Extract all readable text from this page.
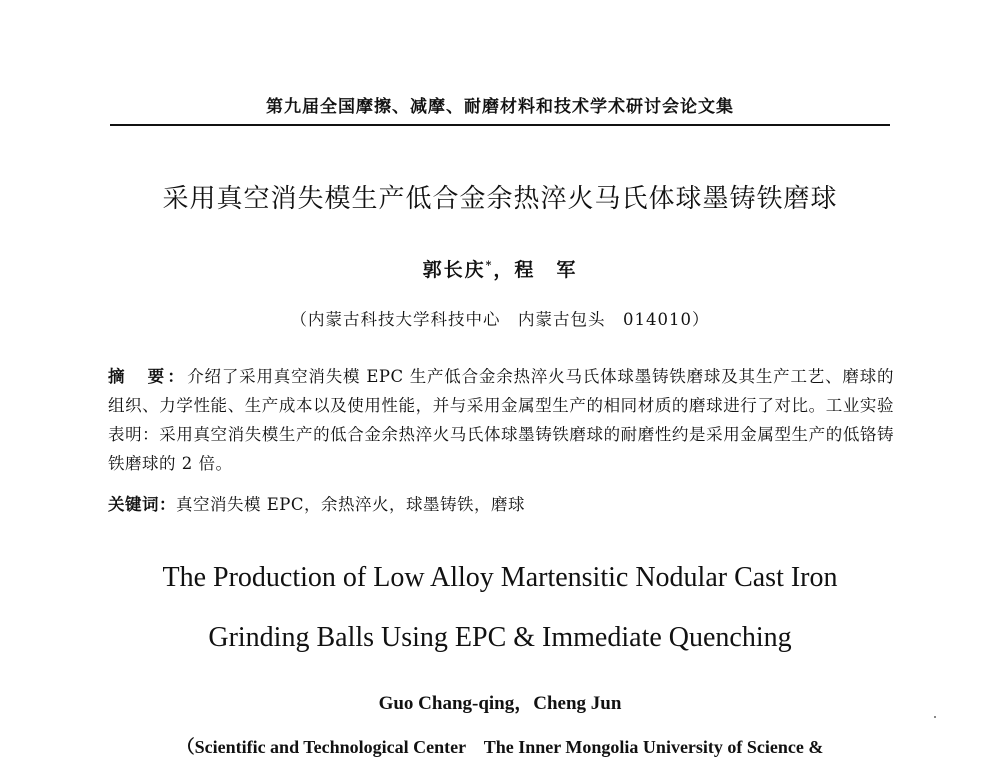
第九届全国摩擦、减摩、耐磨材料和技术学术研讨会论文集
采用真空消失模生产低合金余热淬火马氏体球墨铸铁磨球
郭长庆*，程　军
（内蒙古科技大学科技中心　内蒙古包头　014010）
摘　要：介绍了采用真空消失模 EPC 生产低合金余热淬火马氏体球墨铸铁磨球及其生产工艺、磨球的组织、力学性能、生产成本以及使用性能，并与采用金属型生产的相同材质的磨球进行了对比。工业实验表明：采用真空消失模生产的低合金余热淬火马氏体球墨铸铁磨球的耐磨性约是采用金属型生产的低铬铸铁磨球的 2 倍。
关键词：真空消失模 EPC，余热淬火，球墨铸铁，磨球
The Production of Low Alloy Martensitic Nodular Cast Iron
Grinding Balls Using EPC & Immediate Quenching
Guo Chang-qing，Cheng Jun
（Scientific and Technological Center　The Inner Mongolia University of Science &
